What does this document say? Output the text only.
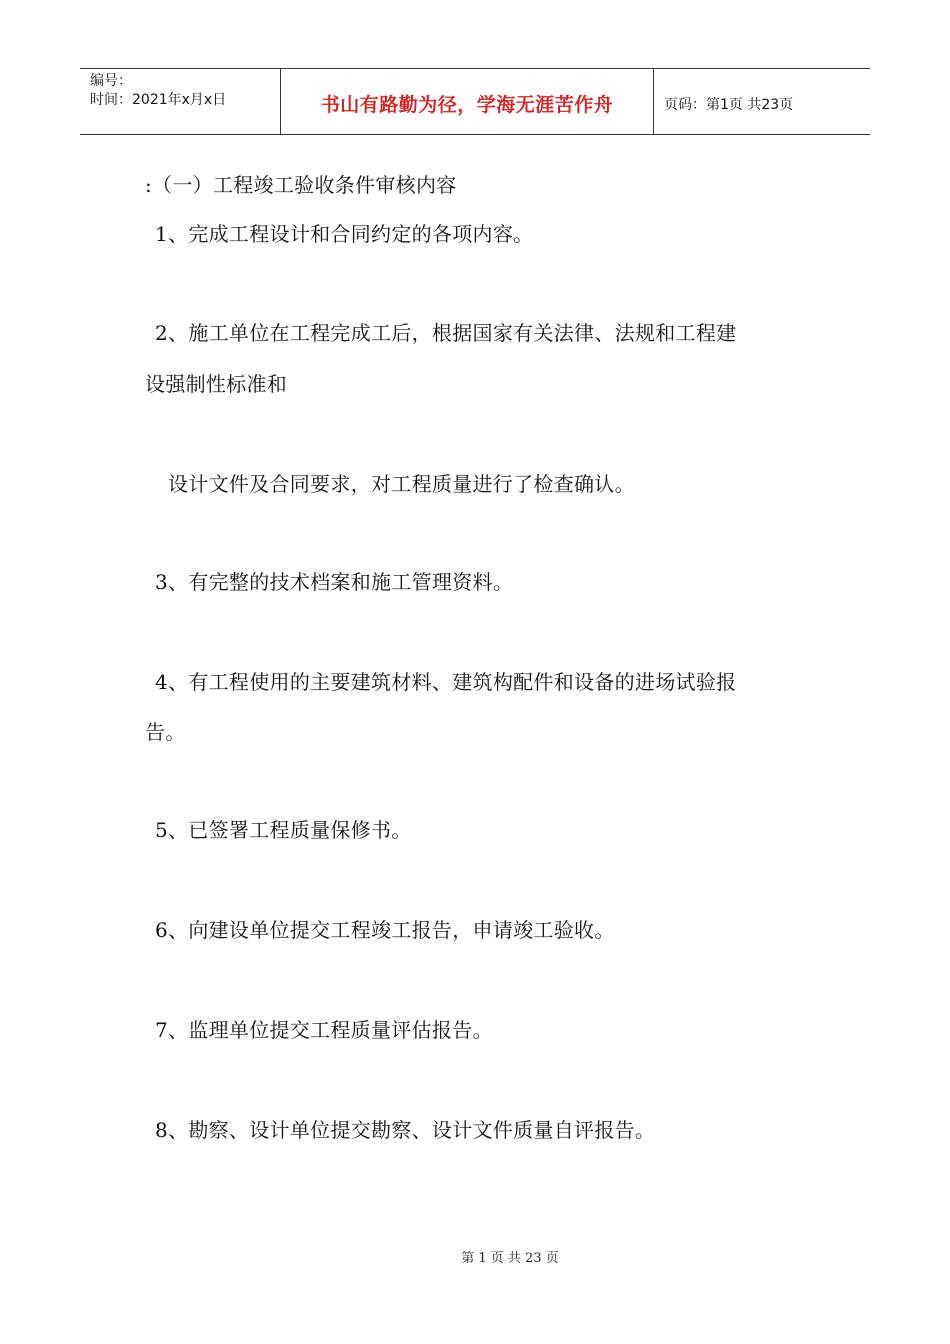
编号：
时间：2021年x月x日	书山有路勤为径，学海无涯苦作舟	页码：第1页 共23页
:（一）工程竣工验收条件审核内容
1、完成工程设计和合同约定的各项内容。
2、施工单位在工程完成工后，根据国家有关法律、法规和工程建
设强制性标准和
设计文件及合同要求，对工程质量进行了检查确认。
3、有完整的技术档案和施工管理资料。
4、有工程使用的主要建筑材料、建筑构配件和设备的进场试验报
告。
5、已签署工程质量保修书。
6、向建设单位提交工程竣工报告，申请竣工验收。
7、监理单位提交工程质量评估报告。
8、勘察、设计单位提交勘察、设计文件质量自评报告。
第 1 页 共 23 页
